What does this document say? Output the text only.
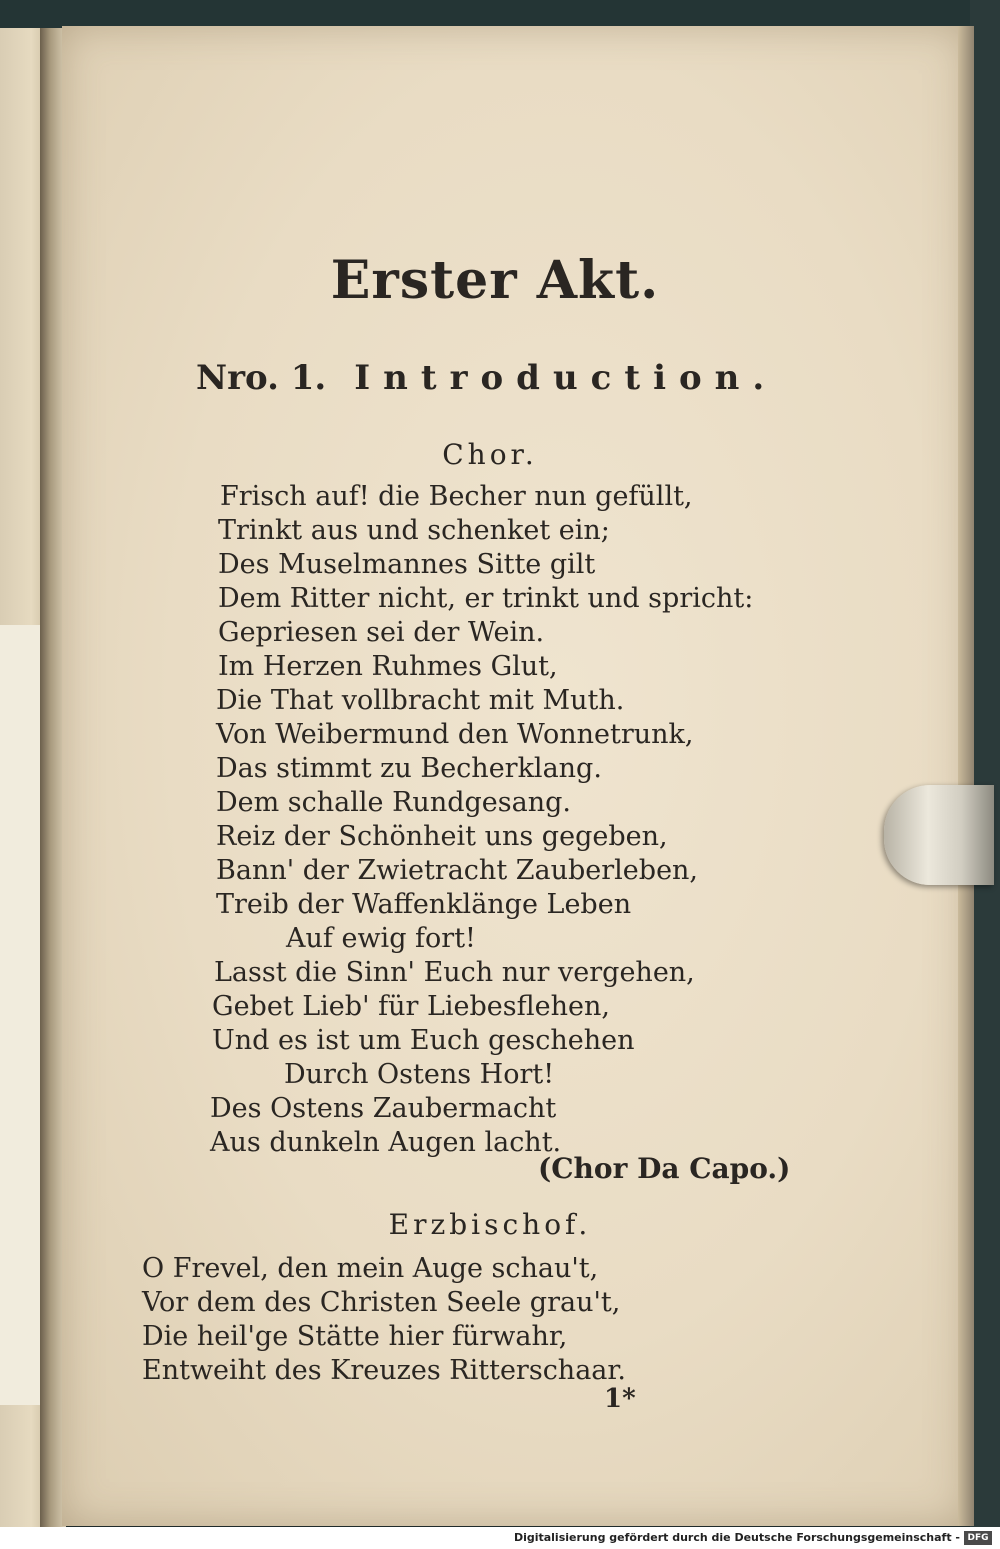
Erster Akt.
Nro. 1. Introduction.
Chor.
Frisch auf! die Becher nun gefüllt,
Trinkt aus und schenket ein;
Des Muselmannes Sitte gilt
Dem Ritter nicht, er trinkt und spricht:
Gepriesen sei der Wein.
Im Herzen Ruhmes Glut,
Die That vollbracht mit Muth.
Von Weibermund den Wonnetrunk,
Das stimmt zu Becherklang.
Dem schalle Rundgesang.
Reiz der Schönheit uns gegeben,
Bann' der Zwietracht Zauberleben,
Treib der Waffenklänge Leben
Auf ewig fort!
Lasst die Sinn' Euch nur vergehen,
Gebet Lieb' für Liebesflehen,
Und es ist um Euch geschehen
Durch Ostens Hort!
Des Ostens Zaubermacht
Aus dunkeln Augen lacht.
(Chor Da Capo.)
Erzbischof.
O Frevel, den mein Auge schau't,
Vor dem des Christen Seele grau't,
Die heil'ge Stätte hier fürwahr,
Entweiht des Kreuzes Ritterschaar.
1*
Digitalisierung gefördert durch die Deutsche Forschungsgemeinschaft - DFG
